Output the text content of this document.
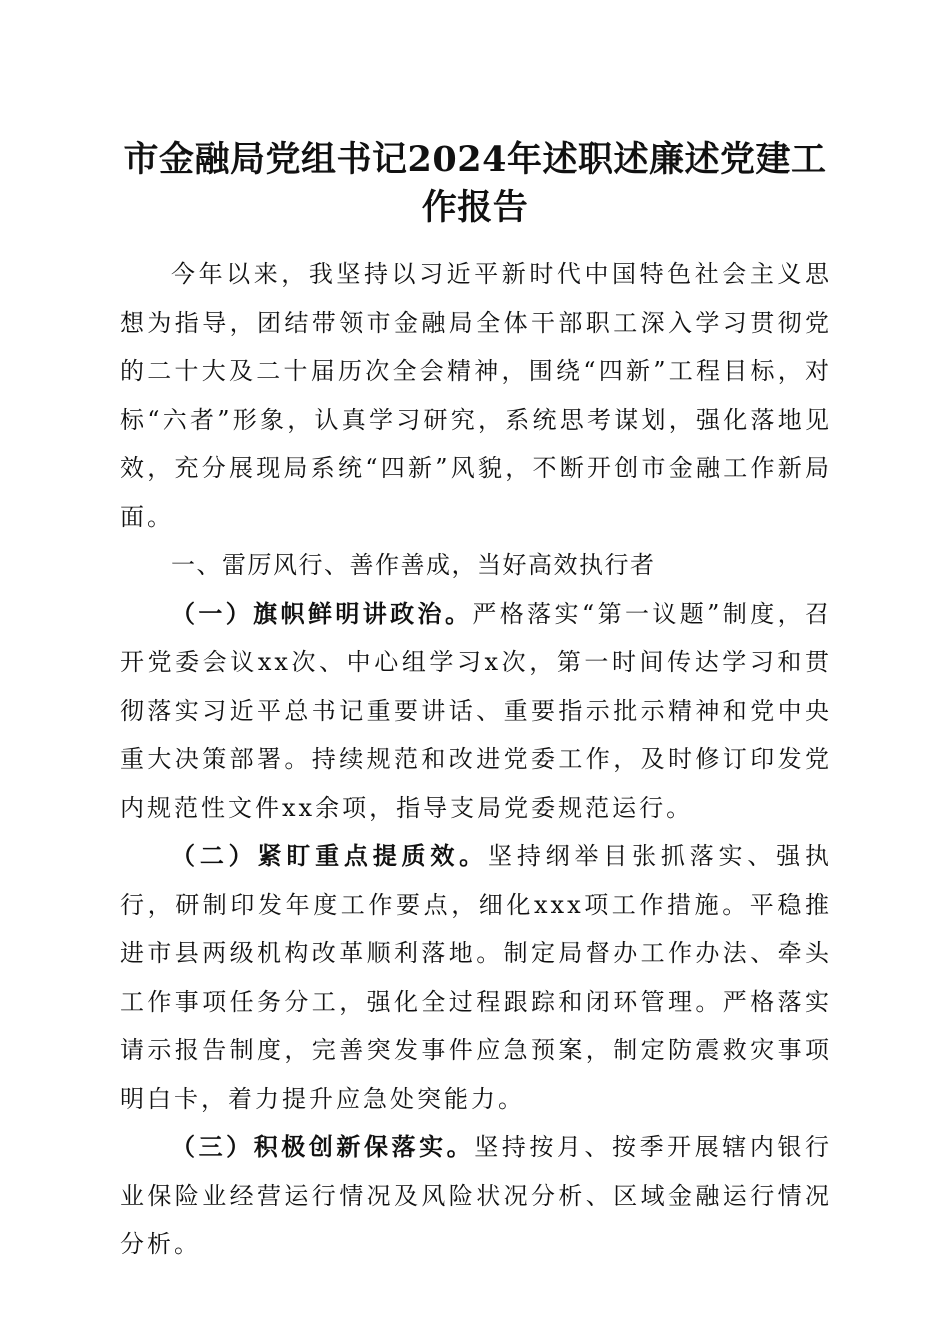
市金融局党组书记2024年述职述廉述党建工作报告

今年以来，我坚持以习近平新时代中国特色社会主义思想为指导，团结带领市金融局全体干部职工深入学习贯彻党的二十大及二十届历次全会精神，围绕“四新”工程目标，对标“六者”形象，认真学习研究，系统思考谋划，强化落地见效，充分展现局系统“四新”风貌，不断开创市金融工作新局面。

一、雷厉风行、善作善成，当好高效执行者

（一）旗帜鲜明讲政治。严格落实“第一议题”制度，召开党委会议xx次、中心组学习x次，第一时间传达学习和贯彻落实习近平总书记重要讲话、重要指示批示精神和党中央重大决策部署。持续规范和改进党委工作，及时修订印发党内规范性文件xx余项，指导支局党委规范运行。

（二）紧盯重点提质效。坚持纲举目张抓落实、强执行，研制印发年度工作要点，细化xxx项工作措施。平稳推进市县两级机构改革顺利落地。制定局督办工作办法、牵头工作事项任务分工，强化全过程跟踪和闭环管理。严格落实请示报告制度，完善突发事件应急预案，制定防震救灾事项明白卡，着力提升应急处突能力。

（三）积极创新保落实。坚持按月、按季开展辖内银行业保险业经营运行情况及风险状况分析、区域金融运行情况分析。
